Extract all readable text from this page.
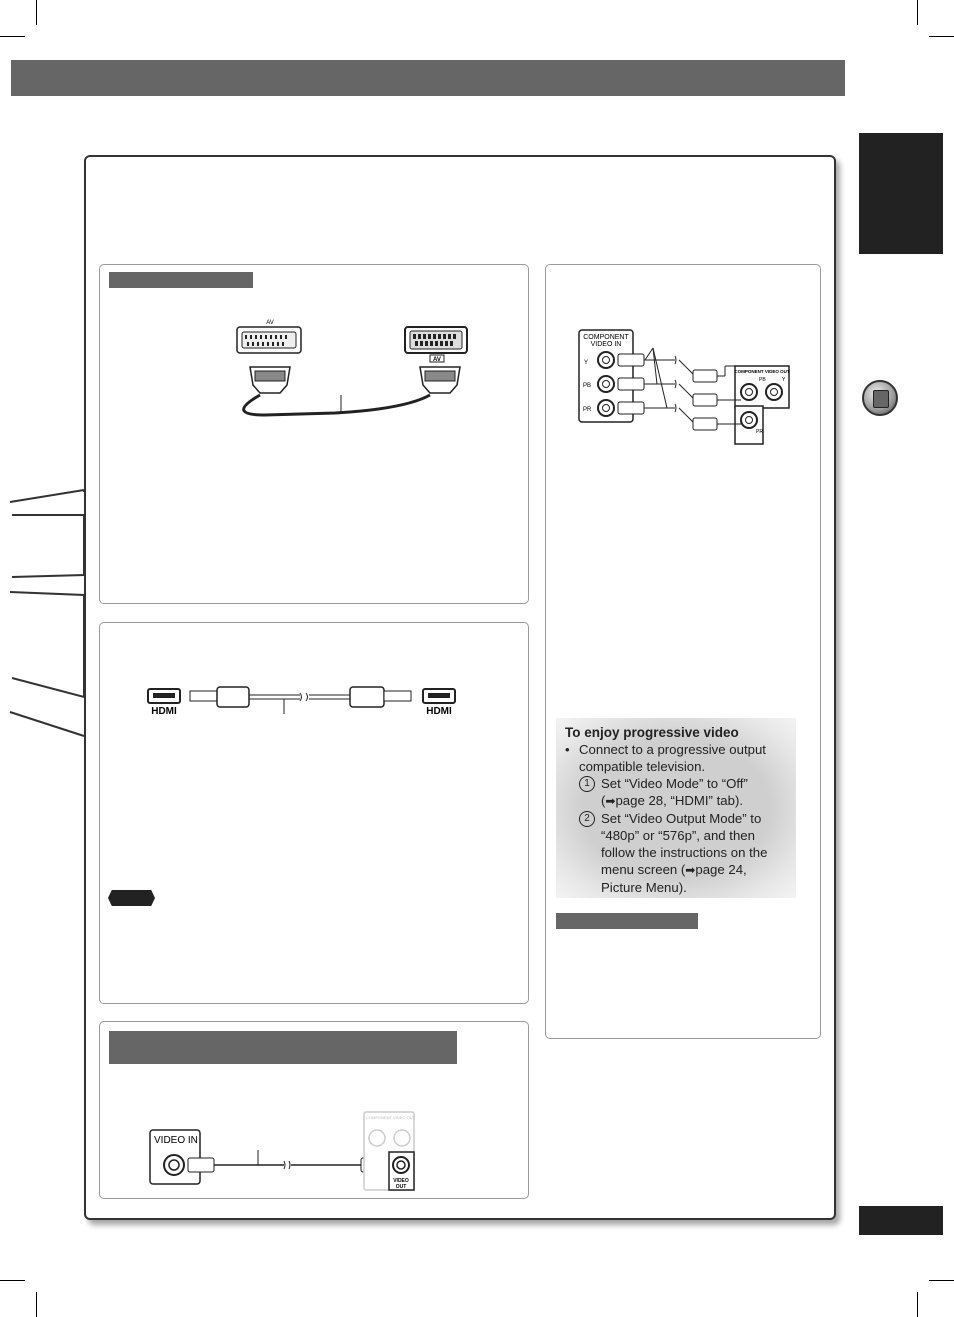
AV
AV
HDMI	HDMI
VIDEO IN
COMPONENT VIDEO OUT
VIDEO
OUT
COMPONENT
VIDEO IN
Y
PB
PR
COMPONENT VIDEO OUT
PB	Y
PR
To enjoy progressive video
• Connect to a progressive output
compatible television.
1 Set “Video Mode” to “Off”
(➡page 28, “HDMI” tab).
2 Set “Video Output Mode” to
“480p” or “576p”, and then
follow the instructions on the
menu screen (➡page 24,
Picture Menu).
